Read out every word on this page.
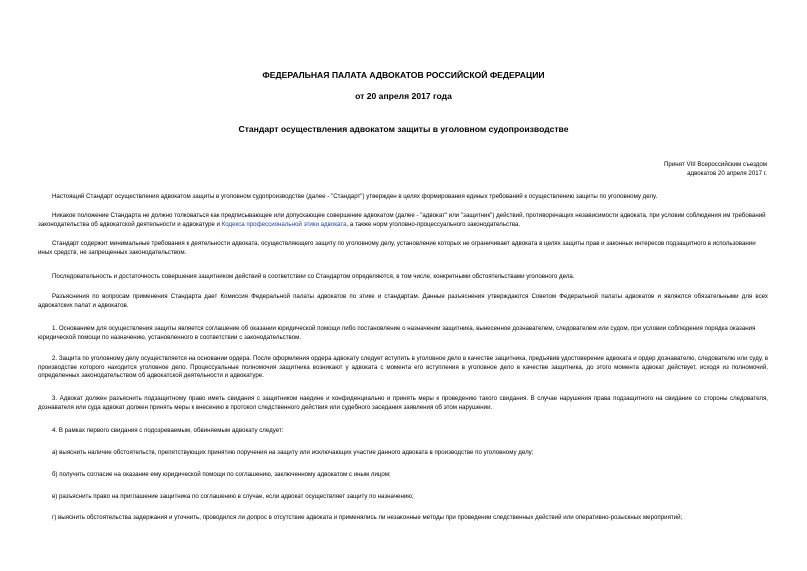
ФЕДЕРАЛЬНАЯ ПАЛАТА АДВОКАТОВ РОССИЙСКОЙ ФЕДЕРАЦИИ
от 20 апреля 2017 года
Стандарт осуществления адвокатом защиты в уголовном судопроизводстве
Принят VIII Всероссийским съездом
адвокатов 20 апреля 2017 г.
Настоящий Стандарт осуществления адвокатом защиты в уголовном судопроизводстве (далее - "Стандарт") утвержден в целях формирования единых требований к осуществлению защиты по уголовному делу.
Никакое положение Стандарта не должно толковаться как предписывающее или допускающее совершение адвокатом (далее - "адвокат" или "защитник") действий, противоречащих независимости адвоката, при условии соблюдения им требований законодательства об адвокатской деятельности и адвокатуре и Кодекса профессиональной этики адвоката, а также норм уголовно-процессуального законодательства.
Стандарт содержит минимальные требования к деятельности адвоката, осуществляющего защиту по уголовному делу, установление которых не ограничивает адвоката в целях защиты прав и законных интересов подзащитного в использовании иных средств, не запрещенных законодательством.
Последовательность и достаточность совершения защитником действий в соответствии со Стандартом определяются, в том числе, конкретными обстоятельствами уголовного дела.
Разъяснения по вопросам применения Стандарта дает Комиссия Федеральной палаты адвокатов по этике и стандартам. Данные разъяснения утверждаются Советом Федеральной палаты адвокатов и являются обязательными для всех адвокатских палат и адвокатов.
1. Основанием для осуществления защиты является соглашение об оказании юридической помощи либо постановление о назначении защитника, вынесенное дознавателем, следователем или судом, при условии соблюдения порядка оказания юридической помощи по назначению, установленного в соответствии с законодательством.
2. Защита по уголовному делу осуществляется на основании ордера. После оформления ордера адвокату следует вступить в уголовное дело в качестве защитника, предъявив удостоверение адвоката и ордер дознавателю, следователю или суду, в производстве которого находится уголовное дело. Процессуальные полномочия защитника возникают у адвоката с момента его вступления в уголовное дело в качестве защитника, до этого момента адвокат действует, исходя из полномочий, определенных законодательством об адвокатской деятельности и адвокатуре.
3. Адвокат должен разъяснить подзащитному право иметь свидания с защитником наедине и конфиденциально и принять меры к проведению такого свидания. В случае нарушения права подзащитного на свидание со стороны следователя, дознавателя или суда адвокат должен принять меры к внесению в протокол следственного действия или судебного заседания заявления об этом нарушении.
4. В рамках первого свидания с подозреваемым, обвиняемым адвокату следует:
а) выяснить наличие обстоятельств, препятствующих принятию поручения на защиту или исключающих участие данного адвоката в производстве по уголовному делу;
б) получить согласие на оказание ему юридической помощи по соглашению, заключенному адвокатом с иным лицом;
в) разъяснить право на приглашение защитника по соглашению в случае, если адвокат осуществляет защиту по назначению;
г) выяснить обстоятельства задержания и уточнить, проводился ли допрос в отсутствие адвоката и применялись ли незаконные методы при проведении следственных действий или оперативно-розыскных мероприятий;
